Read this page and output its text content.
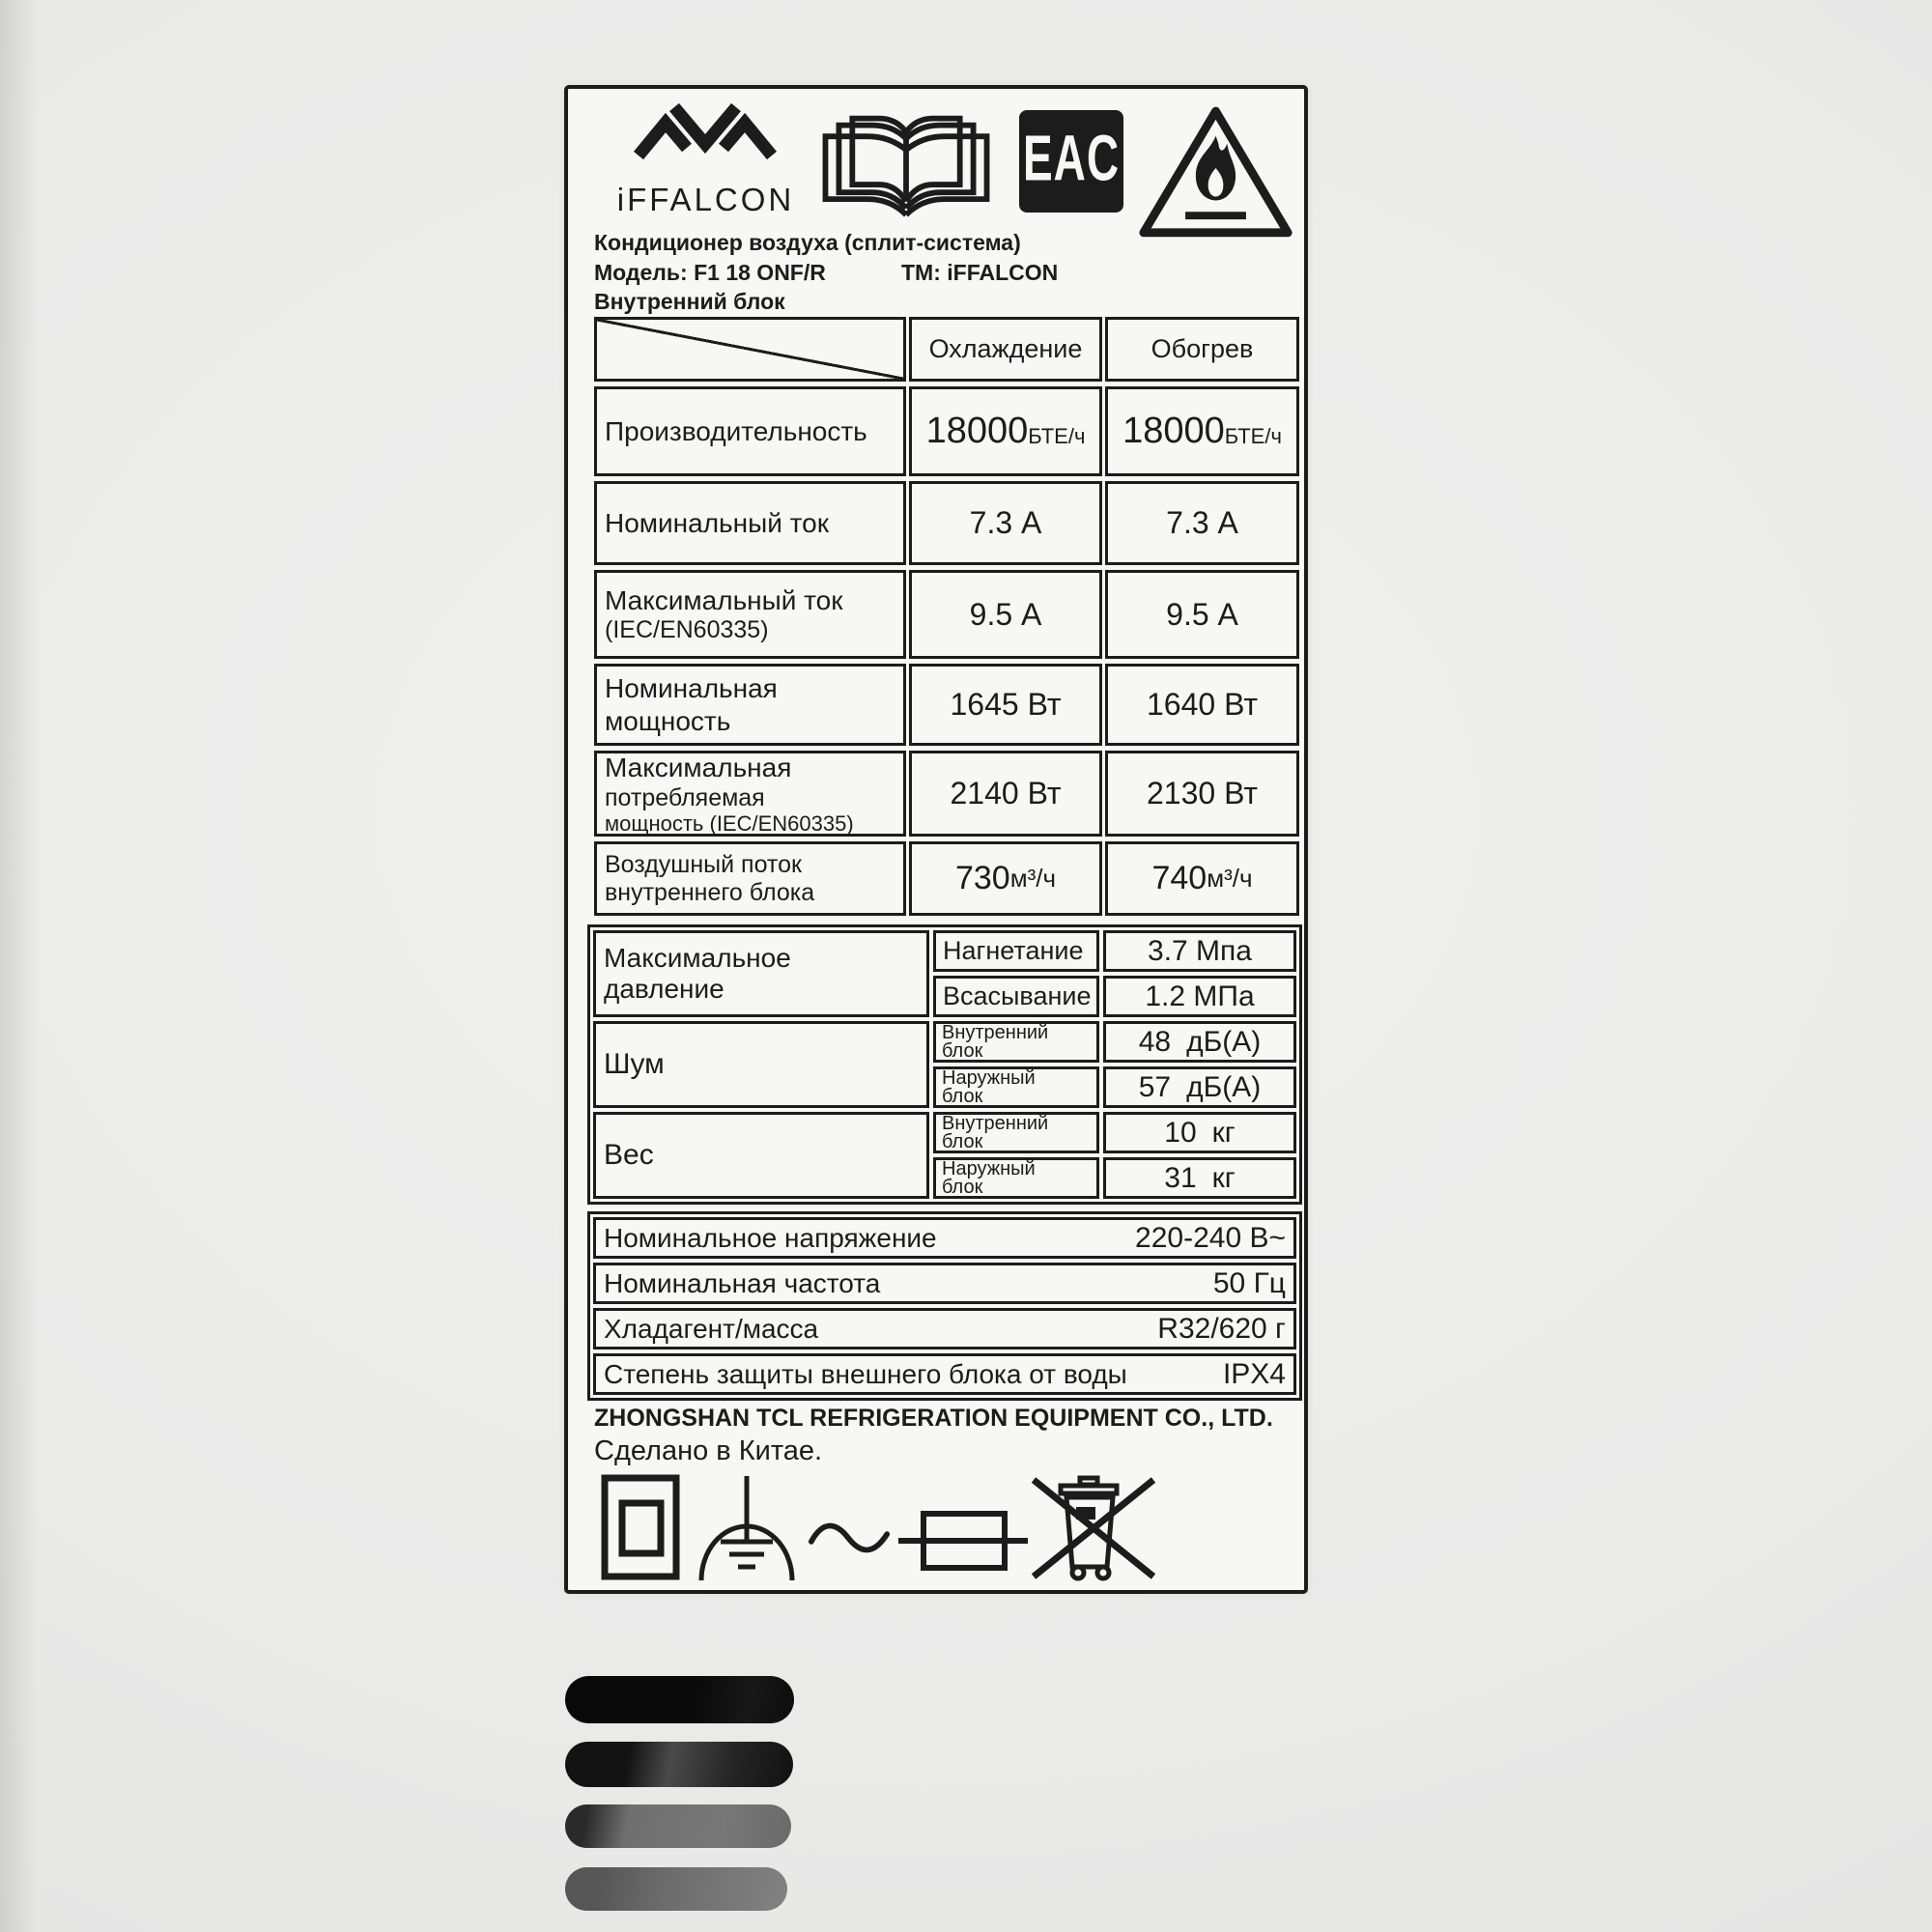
iFFALCON
EAC
Кондиционер воздуха (сплит-система)
Модель: F1 18 ONF/R	TM: iFFALCON
Внутренний блок
Охлаждение	Обогрев
Производительность 18000 БТЕ/ч 18000 БТЕ/ч
Номинальный ток	7.3 А	7.3 А
Максимальный ток
(IEC/EN60335)	9.5 А	9.5 А
Номинальная
мощность	1645 Вт	1640 Вт
Максимальная
потребляемая
мощность (IEC/EN60335)
2140 Вт	2130 Вт
Воздушный поток
внутреннего блока	730 м³/ч	740 м³/ч
Максимальное
давление
Нагнетание	3.7 Мпа
Всасывание	1.2 МПа
Шум
Внутренний
блок	48 дБ(А)
Наружный
блок	57 дБ(А)
Вес
Внутренний
блок	10 кг
Наружный
блок	31 кг
Номинальное напряжение	220-240 В~
Номинальная частота	50 Гц
Хладагент/масса	R32/620 г
Степень защиты внешнего блока от воды	IPX4
ZHONGSHAN TCL REFRIGERATION EQUIPMENT CO., LTD.
Сделано в Китае.
